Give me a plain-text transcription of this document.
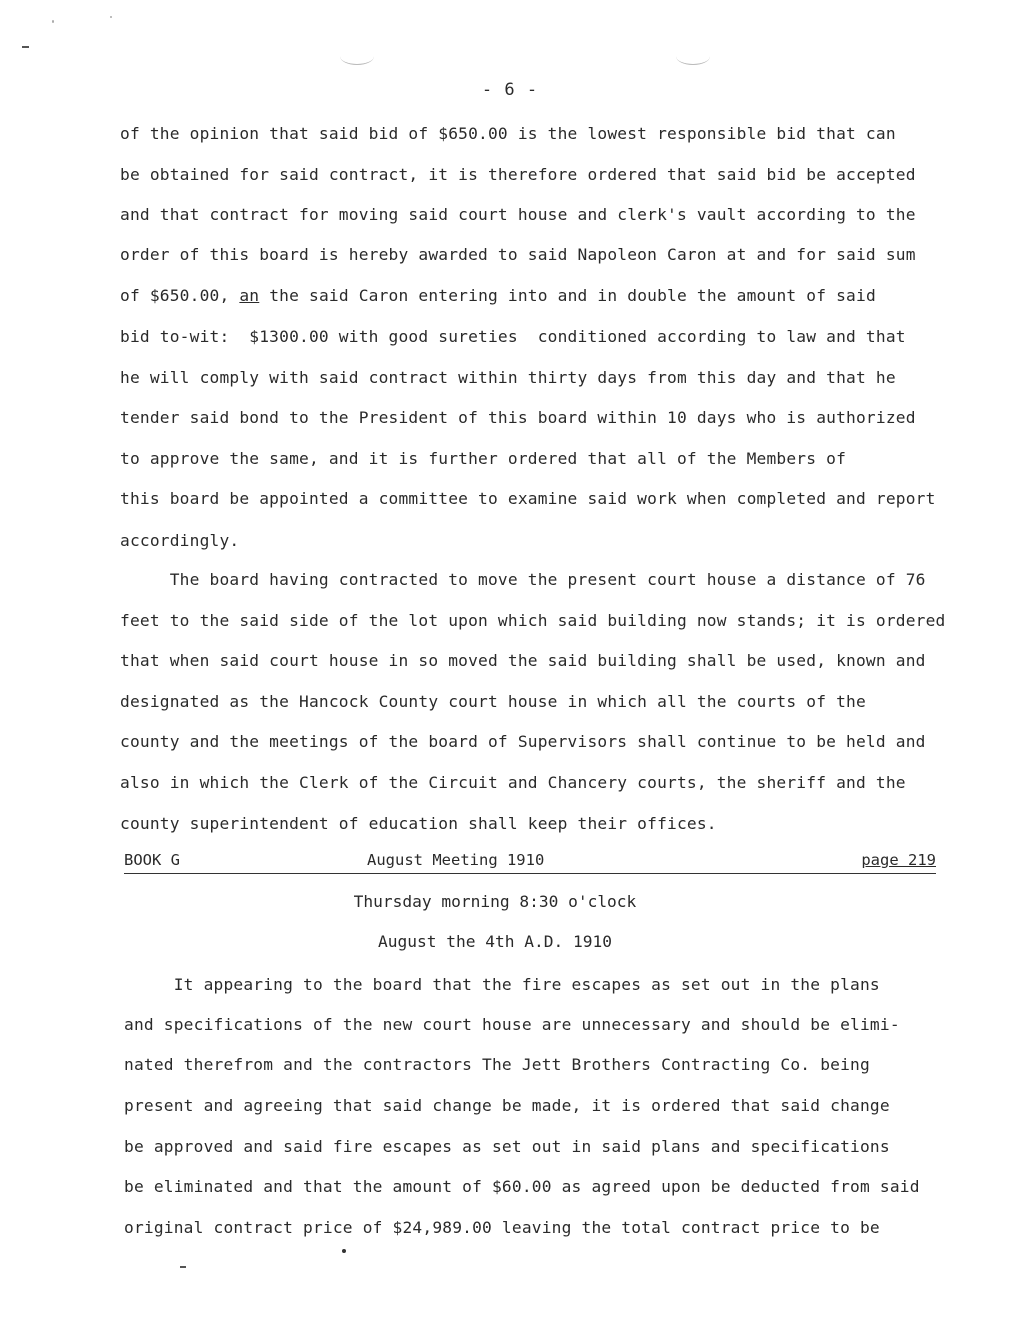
- 6 -
of the opinion that said bid of $650.00 is the lowest responsible bid that can
be obtained for said contract, it is therefore ordered that said bid be accepted
and that contract for moving said court house and clerk's vault according to the
order of this board is hereby awarded to said Napoleon Caron at and for said sum
of $650.00, an the said Caron entering into and in double the amount of said
bid to-wit:  $1300.00 with good sureties  conditioned according to law and that
he will comply with said contract within thirty days from this day and that he
tender said bond to the President of this board within 10 days who is authorized
to approve the same, and it is further ordered that all of the Members of
this board be appointed a committee to examine said work when completed and report
accordingly.
The board having contracted to move the present court house a distance of 76
feet to the said side of the lot upon which said building now stands; it is ordered
that when said court house in so moved the said building shall be used, known and
designated as the Hancock County court house in which all the courts of the
county and the meetings of the board of Supervisors shall continue to be held and
also in which the Clerk of the Circuit and Chancery courts, the sheriff and the
county superintendent of education shall keep their offices.
BOOK G	August Meeting 1910	page 219
Thursday morning 8:30 o'clock
August the 4th A.D. 1910
It appearing to the board that the fire escapes as set out in the plans
and specifications of the new court house are unnecessary and should be elimi-
nated therefrom and the contractors The Jett Brothers Contracting Co. being
present and agreeing that said change be made, it is ordered that said change
be approved and said fire escapes as set out in said plans and specifications
be eliminated and that the amount of $60.00 as agreed upon be deducted from said
original contract price of $24,989.00 leaving the total contract price to be
